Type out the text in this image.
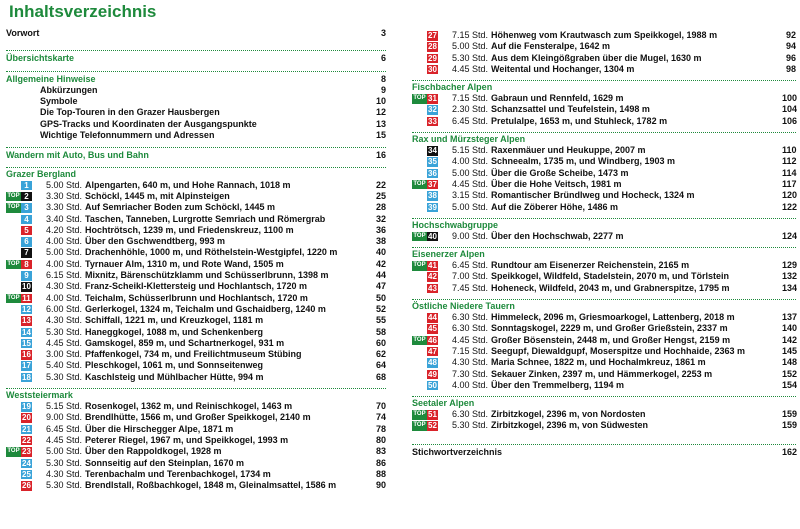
Inhaltsverzeichnis
Vorwort	3
Übersichtskarte	6
Allgemeine Hinweise	8
Abkürzungen	9
Symbole	10
Die Top-Touren in den Grazer Hausbergen	12
GPS-Tracks und Koordinaten der Ausgangspunkte	13
Wichtige Telefonnummern und Adressen	15
Wandern mit Auto, Bus und Bahn	16
Grazer Bergland
1	5.00 Std. Alpengarten, 640 m, und Hohe Rannach, 1018 m	22
TOP 2	3.30 Std. Schöckl, 1445 m, mit Alpinsteigen	25
TOP 3	3.30 Std. Auf Semriacher Boden zum Schöckl, 1445 m	28
4	3.40 Std. Taschen, Tanneben, Lurgrotte Semriach und Römergrab	32
5	4.20 Std. Hochtrötsch, 1239 m, und Friedenskreuz, 1100 m	36
6	4.00 Std. Über den Gschwendtberg, 993 m	38
7	5.00 Std. Drachenhöhle, 1000 m, und Röthelstein-Westgipfel, 1220 m	40
TOP 8	4.00 Std. Tyrnauer Alm, 1310 m, und Rote Wand, 1505 m	42
9	6.15 Std. Mixnitz, Bärenschützklamm und Schüsserlbrunn, 1398 m	44
10 4.30 Std. Franz-Scheikl-Klettersteig und Hochlantsch, 1720 m	47
TOP 11 4.00 Std. Teichalm, Schüsserlbrunn und Hochlantsch, 1720 m	50
12 6.00 Std. Gerlerkogel, 1324 m, Teichalm und Gschaidberg, 1240 m	52
13 4.30 Std. Schiffall, 1221 m, und Kreuzkogel, 1181 m	55
14 5.30 Std. Haneggkogel, 1088 m, und Schenkenberg	58
15 4.45 Std. Gamskogel, 859 m, und Schartnerkogel, 931 m	60
16 3.00 Std. Pfaffenkogel, 734 m, und Freilichtmuseum Stübing	62
17 5.40 Std. Pleschkogel, 1061 m, und Sonnseitenweg	64
18 5.30 Std. Kaschlsteig und Mühlbacher Hütte, 994 m	68
Weststeiermark
19 5.15 Std. Rosenkogel, 1362 m, und Reinischkogel, 1463 m	70
20 9.00 Std. Brendlhütte, 1566 m, und Großer Speikkogel, 2140 m	74
21 6.45 Std. Über die Hirschegger Alpe, 1871 m	78
22 4.45 Std. Peterer Riegel, 1967 m, und Speikkogel, 1993 m	80
TOP 23 5.00 Std. Über den Rappoldkogel, 1928 m	83
24 5.30 Std. Sonnseitig auf den Steinplan, 1670 m	86
25 4.30 Std. Terenbachalm und Terenbachkogel, 1734 m	88
26 5.30 Std. Brendlstall, Roßbachkogel, 1848 m, Gleinalmsattel, 1586 m	90
27 7.15 Std. Höhenweg vom Krautwasch zum Speikkogel, 1988 m	92
28 5.00 Std. Auf die Fensteralpe, 1642 m	94
29 5.30 Std. Aus dem Kleingößgraben über die Mugel, 1630 m	96
30 4.45 Std. Weitental und Hochanger, 1304 m	98
Fischbacher Alpen
TOP 31 7.15 Std. Gabraun und Rennfeld, 1629 m	100
32 2.30 Std. Schanzsattel und Teufelstein, 1498 m	104
33 6.45 Std. Pretulalpe, 1653 m, und Stuhleck, 1782 m	106
Rax und Mürzsteger Alpen
34 5.15 Std. Raxenmäuer und Heukuppe, 2007 m	110
35 4.00 Std. Schneealm, 1735 m, und Windberg, 1903 m	112
36 5.00 Std. Über die Große Scheibe, 1473 m	114
TOP 37 4.45 Std. Über die Hohe Veitsch, 1981 m	117
38 3.15 Std. Romantischer Bründlweg und Hocheck, 1324 m	120
39 5.00 Std. Auf die Zöberer Höhe, 1486 m	122
Hochschwabgruppe
TOP 40 9.00 Std. Über den Hochschwab, 2277 m	124
Eisenerzer Alpen
TOP 41 6.45 Std. Rundtour am Eisenerzer Reichenstein, 2165 m	129
42 7.00 Std. Speikkogel, Wildfeld, Stadelstein, 2070 m, und Törlstein	132
43 7.45 Std. Hoheneck, Wildfeld, 2043 m, und Grabnerspitze, 1795 m	134
Östliche Niedere Tauern
44 6.30 Std. Himmeleck, 2096 m, Griesmoarkogel, Lattenberg, 2018 m	137
45 6.30 Std. Sonntagskogel, 2229 m, und Großer Grießstein, 2337 m	140
TOP 46 4.45 Std. Großer Bösenstein, 2448 m, und Großer Hengst, 2159 m	142
47 7.15 Std. Seegupf, Diewaldgupf, Moserspitze und Hochhaide, 2363 m	145
48 4.30 Std. Maria Schnee, 1822 m, und Hochalmkreuz, 1861 m	148
49 7.30 Std. Sekauer Zinken, 2397 m, und Hämmerkogel, 2253 m	152
50 4.00 Std. Über den Tremmelberg, 1194 m	154
Seetaler Alpen
TOP 51 6.30 Std. Zirbitzkogel, 2396 m, von Nordosten	159
TOP 52 5.30 Std. Zirbitzkogel, 2396 m, von Südwesten	159
Stichwortverzeichnis	162
